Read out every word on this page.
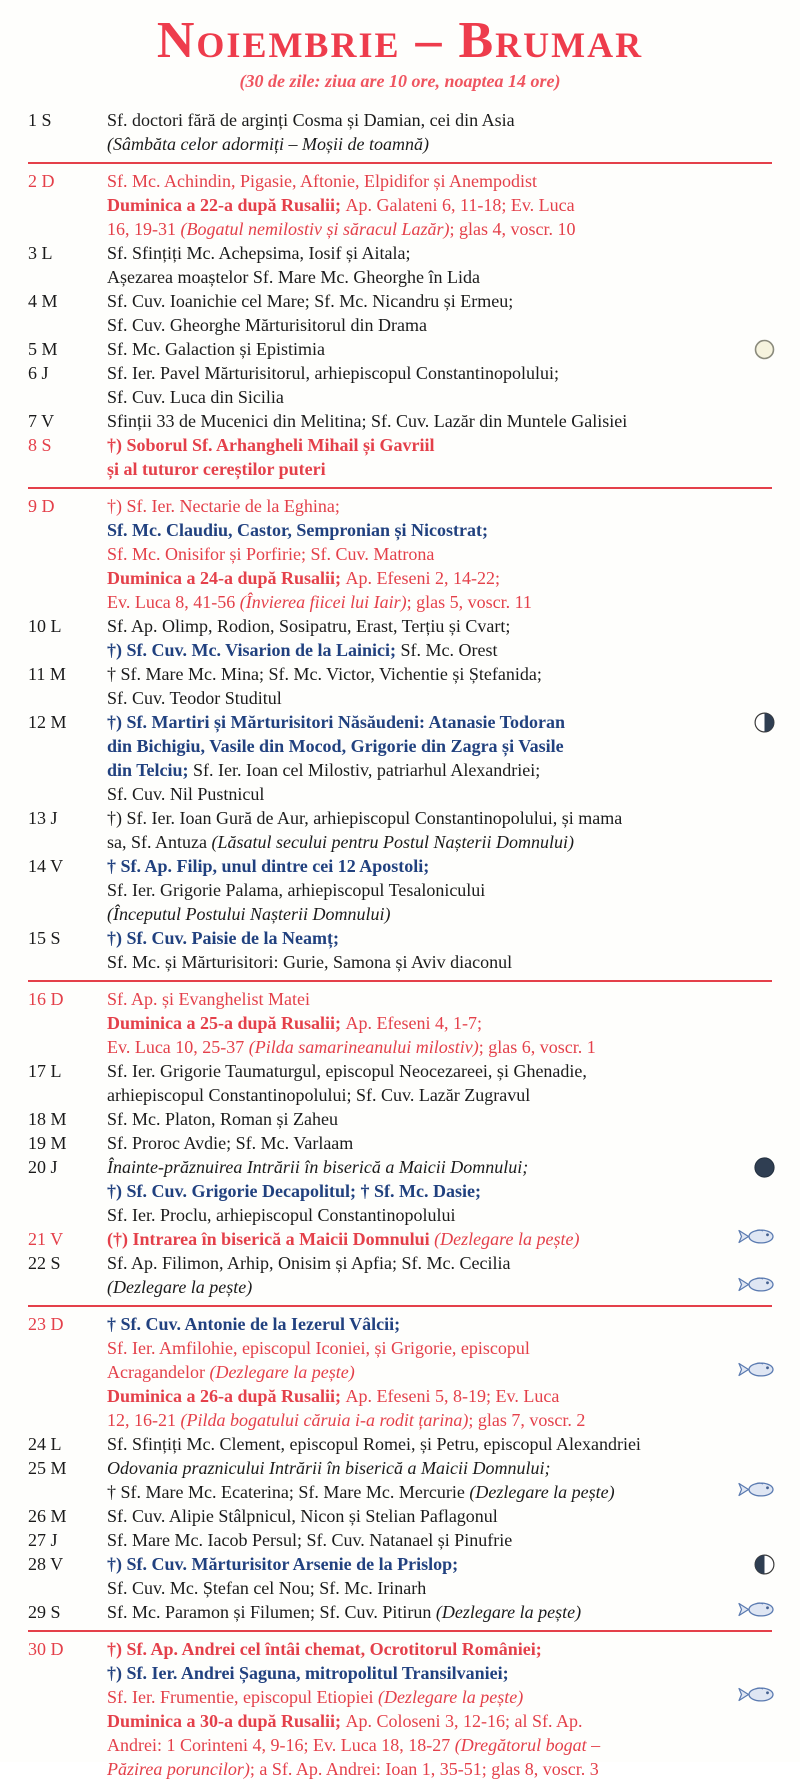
Noiembrie – Brumar
(30 de zile: ziua are 10 ore, noaptea 14 ore)
1 S	Sf. doctori fără de arginți Cosma și Damian, cei din Asia
(Sâmbăta celor adormiți – Moșii de toamnă)
2 D	Sf. Mc. Achindin, Pigasie, Aftonie, Elpidifor și Anempodist
Duminica a 22-a după Rusalii; Ap. Galateni 6, 11-18; Ev. Luca
16, 19-31 (Bogatul nemilostiv și săracul Lazăr); glas 4, voscr. 10
3 L	Sf. Sfințiți Mc. Achepsima, Iosif și Aitala;
Așezarea moaștelor Sf. Mare Mc. Gheorghe în Lida
4 M	Sf. Cuv. Ioanichie cel Mare; Sf. Mc. Nicandru și Ermeu;
Sf. Cuv. Gheorghe Mărturisitorul din Drama
5 M	Sf. Mc. Galaction și Epistimia
6 J	Sf. Ier. Pavel Mărturisitorul, arhiepiscopul Constantinopolului;
Sf. Cuv. Luca din Sicilia
7 V	Sfinții 33 de Mucenici din Melitina; Sf. Cuv. Lazăr din Muntele Galisiei
8 S	†) Soborul Sf. Arhangheli Mihail și Gavriil
și al tuturor cereștilor puteri
9 D	†) Sf. Ier. Nectarie de la Eghina;
Sf. Mc. Claudiu, Castor, Sempronian și Nicostrat;
Sf. Mc. Onisifor și Porfirie; Sf. Cuv. Matrona
Duminica a 24-a după Rusalii; Ap. Efeseni 2, 14-22;
Ev. Luca 8, 41-56 (Învierea fiicei lui Iair); glas 5, voscr. 11
10 L	Sf. Ap. Olimp, Rodion, Sosipatru, Erast, Terțiu și Cvart;
†) Sf. Cuv. Mc. Visarion de la Lainici; Sf. Mc. Orest
11 M	† Sf. Mare Mc. Mina; Sf. Mc. Victor, Vichentie și Ștefanida;
Sf. Cuv. Teodor Studitul
12 M	†) Sf. Martiri și Mărturisitori Năsăudeni: Atanasie Todoran
din Bichigiu, Vasile din Mocod, Grigorie din Zagra și Vasile
din Telciu; Sf. Ier. Ioan cel Milostiv, patriarhul Alexandriei;
Sf. Cuv. Nil Pustnicul
13 J	†) Sf. Ier. Ioan Gură de Aur, arhiepiscopul Constantinopolului, și mama
sa, Sf. Antuza (Lăsatul secului pentru Postul Nașterii Domnului)
14 V	† Sf. Ap. Filip, unul dintre cei 12 Apostoli;
Sf. Ier. Grigorie Palama, arhiepiscopul Tesalonicului
(Începutul Postului Nașterii Domnului)
15 S	†) Sf. Cuv. Paisie de la Neamț;
Sf. Mc. și Mărturisitori: Gurie, Samona și Aviv diaconul
16 D	Sf. Ap. și Evanghelist Matei
Duminica a 25-a după Rusalii; Ap. Efeseni 4, 1-7;
Ev. Luca 10, 25-37 (Pilda samarineanului milostiv); glas 6, voscr. 1
17 L	Sf. Ier. Grigorie Taumaturgul, episcopul Neocezareei, și Ghenadie,
arhiepiscopul Constantinopolului; Sf. Cuv. Lazăr Zugravul
18 M	Sf. Mc. Platon, Roman și Zaheu
19 M	Sf. Proroc Avdie; Sf. Mc. Varlaam
20 J	Înainte-prăznuirea Intrării în biserică a Maicii Domnului;
†) Sf. Cuv. Grigorie Decapolitul; † Sf. Mc. Dasie;
Sf. Ier. Proclu, arhiepiscopul Constantinopolului
21 V	(†) Intrarea în biserică a Maicii Domnului (Dezlegare la pește)
22 S	Sf. Ap. Filimon, Arhip, Onisim și Apfia; Sf. Mc. Cecilia
(Dezlegare la pește)
23 D	† Sf. Cuv. Antonie de la Iezerul Vâlcii;
Sf. Ier. Amfilohie, episcopul Iconiei, și Grigorie, episcopul
Acragandelor (Dezlegare la pește)
Duminica a 26-a după Rusalii; Ap. Efeseni 5, 8-19; Ev. Luca
12, 16-21 (Pilda bogatului căruia i-a rodit țarina); glas 7, voscr. 2
24 L	Sf. Sfințiți Mc. Clement, episcopul Romei, și Petru, episcopul Alexandriei
25 M	Odovania praznicului Intrării în biserică a Maicii Domnului;
† Sf. Mare Mc. Ecaterina; Sf. Mare Mc. Mercurie (Dezlegare la pește)
26 M	Sf. Cuv. Alipie Stâlpnicul, Nicon și Stelian Paflagonul
27 J	Sf. Mare Mc. Iacob Persul; Sf. Cuv. Natanael și Pinufrie
28 V	†) Sf. Cuv. Mărturisitor Arsenie de la Prislop;
Sf. Cuv. Mc. Ștefan cel Nou; Sf. Mc. Irinarh
29 S	Sf. Mc. Paramon și Filumen; Sf. Cuv. Pitirun (Dezlegare la pește)
30 D	†) Sf. Ap. Andrei cel întâi chemat, Ocrotitorul României;
†) Sf. Ier. Andrei Șaguna, mitropolitul Transilvaniei;
Sf. Ier. Frumentie, episcopul Etiopiei (Dezlegare la pește)
Duminica a 30-a după Rusalii; Ap. Coloseni 3, 12-16; al Sf. Ap.
Andrei: 1 Corinteni 4, 9-16; Ev. Luca 18, 18-27 (Dregătorul bogat –
Păzirea poruncilor); a Sf. Ap. Andrei: Ioan 1, 35-51; glas 8, voscr. 3
